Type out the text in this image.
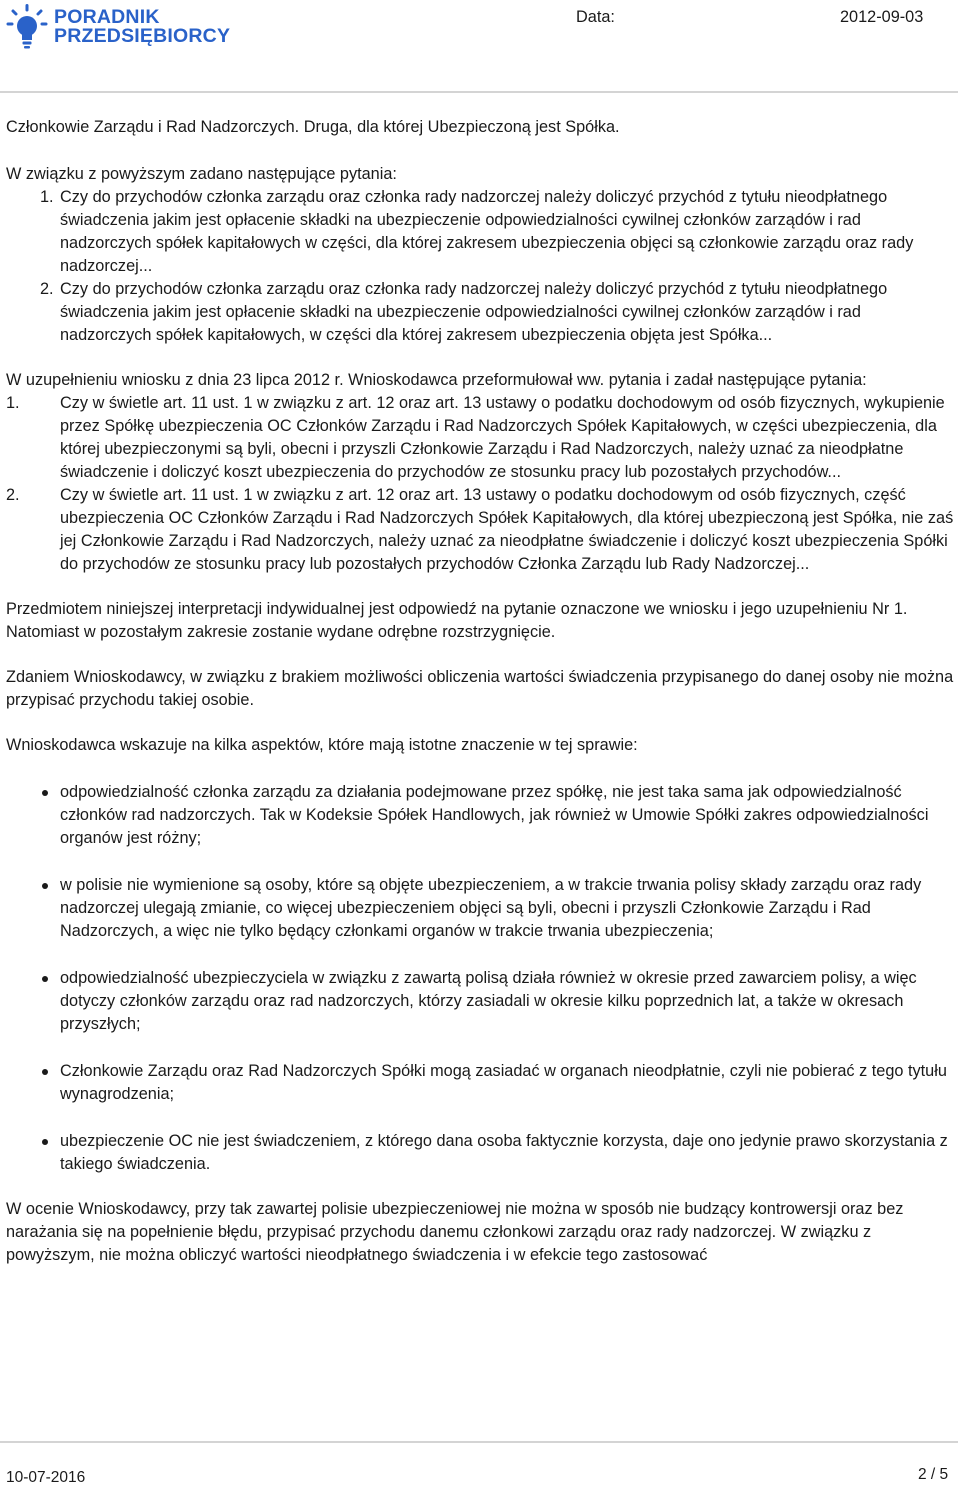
PORADNIK
PRZEDSIĘBIORCY
Data:	2012-09-03

Członkowie Zarządu i Rad Nadzorczych. Druga, dla której Ubezpieczoną jest Spółka.

W związku z powyższym zadano następujące pytania:

1. Czy do przychodów członka zarządu oraz członka rady nadzorczej należy doliczyć przychód z tytułu nieodpłatnego świadczenia jakim jest opłacenie składki na ubezpieczenie odpowiedzialności cywilnej członków zarządów i rad nadzorczych spółek kapitałowych w części, dla której zakresem ubezpieczenia objęci są członkowie zarządu oraz rady nadzorczej...
2. Czy do przychodów członka zarządu oraz członka rady nadzorczej należy doliczyć przychód z tytułu nieodpłatnego świadczenia jakim jest opłacenie składki na ubezpieczenie odpowiedzialności cywilnej członków zarządów i rad nadzorczych spółek kapitałowych, w części dla której zakresem ubezpieczenia objęta jest Spółka...

W uzupełnieniu wniosku z dnia 23 lipca 2012 r. Wnioskodawca przeformułował ww. pytania i zadał następujące pytania:

1. Czy w świetle art. 11 ust. 1 w związku z art. 12 oraz art. 13 ustawy o podatku dochodowym od osób fizycznych, wykupienie przez Spółkę ubezpieczenia OC Członków Zarządu i Rad Nadzorczych Spółek Kapitałowych, w części ubezpieczenia, dla której ubezpieczonymi są byli, obecni i przyszli Członkowie Zarządu i Rad Nadzorczych, należy uznać za nieodpłatne świadczenie i doliczyć koszt ubezpieczenia do przychodów ze stosunku pracy lub pozostałych przychodów...
2. Czy w świetle art. 11 ust. 1 w związku z art. 12 oraz art. 13 ustawy o podatku dochodowym od osób fizycznych, część ubezpieczenia OC Członków Zarządu i Rad Nadzorczych Spółek Kapitałowych, dla której ubezpieczoną jest Spółka, nie zaś jej Członkowie Zarządu i Rad Nadzorczych, należy uznać za nieodpłatne świadczenie i doliczyć koszt ubezpieczenia Spółki do przychodów ze stosunku pracy lub pozostałych przychodów Członka Zarządu lub Rady Nadzorczej...

Przedmiotem niniejszej interpretacji indywidualnej jest odpowiedź na pytanie oznaczone we wniosku i jego uzupełnieniu Nr 1. Natomiast w pozostałym zakresie zostanie wydane odrębne rozstrzygnięcie.

Zdaniem Wnioskodawcy, w związku z brakiem możliwości obliczenia wartości świadczenia przypisanego do danej osoby nie można przypisać przychodu takiej osobie.

Wnioskodawca wskazuje na kilka aspektów, które mają istotne znaczenie w tej sprawie:

odpowiedzialność członka zarządu za działania podejmowane przez spółkę, nie jest taka sama jak odpowiedzialność członków rad nadzorczych. Tak w Kodeksie Spółek Handlowych, jak również w Umowie Spółki zakres odpowiedzialności organów jest różny;
w polisie nie wymienione są osoby, które są objęte ubezpieczeniem, a w trakcie trwania polisy składy zarządu oraz rady nadzorczej ulegają zmianie, co więcej ubezpieczeniem objęci są byli, obecni i przyszli Członkowie Zarządu i Rad Nadzorczych, a więc nie tylko będący członkami organów w trakcie trwania ubezpieczenia;
odpowiedzialność ubezpieczyciela w związku z zawartą polisą działa również w okresie przed zawarciem polisy, a więc dotyczy członków zarządu oraz rad nadzorczych, którzy zasiadali w okresie kilku poprzednich lat, a także w okresach przyszłych;
Członkowie Zarządu oraz Rad Nadzorczych Spółki mogą zasiadać w organach nieodpłatnie, czyli nie pobierać z tego tytułu wynagrodzenia;
ubezpieczenie OC nie jest świadczeniem, z którego dana osoba faktycznie korzysta, daje ono jedynie prawo skorzystania z takiego świadczenia.

W ocenie Wnioskodawcy, przy tak zawartej polisie ubezpieczeniowej nie można w sposób nie budzący kontrowersji oraz bez narażania się na popełnienie błędu, przypisać przychodu danemu członkowi zarządu oraz rady nadzorczej. W związku z powyższym, nie można obliczyć wartości nieodpłatnego świadczenia i w efekcie tego zastosować

10-07-2016	2 / 5
